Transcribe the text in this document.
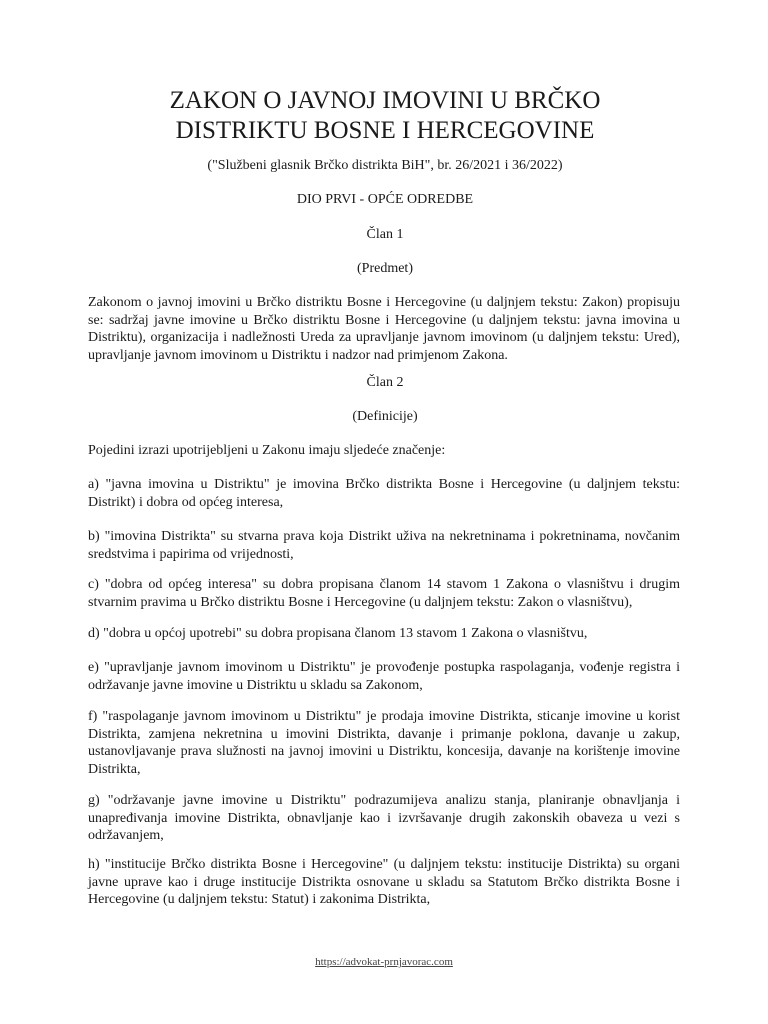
ZAKON O JAVNOJ IMOVINI U BRČKO
DISTRIKTU BOSNE I HERCEGOVINE
("Službeni glasnik Brčko distrikta BiH", br. 26/2021 i 36/2022)
DIO PRVI - OPĆE ODREDBE
Član 1
(Predmet)
Zakonom o javnoj imovini u Brčko distriktu Bosne i Hercegovine (u daljnjem tekstu: Zakon) propisuju se: sadržaj javne imovine u Brčko distriktu Bosne i Hercegovine (u daljnjem tekstu: javna imovina u Distriktu), organizacija i nadležnosti Ureda za upravljanje javnom imovinom (u daljnjem tekstu: Ured), upravljanje javnom imovinom u Distriktu i nadzor nad primjenom Zakona.
Član 2
(Definicije)
Pojedini izrazi upotrijebljeni u Zakonu imaju sljedeće značenje:
a) "javna imovina u Distriktu" je imovina Brčko distrikta Bosne i Hercegovine (u daljnjem tekstu: Distrikt) i dobra od općeg interesa,
b) "imovina Distrikta" su stvarna prava koja Distrikt uživa na nekretninama i pokretninama, novčanim sredstvima i papirima od vrijednosti,
c) "dobra od općeg interesa" su dobra propisana članom 14 stavom 1 Zakona o vlasništvu i drugim stvarnim pravima u Brčko distriktu Bosne i Hercegovine (u daljnjem tekstu: Zakon o vlasništvu),
d) "dobra u općoj upotrebi" su dobra propisana članom 13 stavom 1 Zakona o vlasništvu,
e) "upravljanje javnom imovinom u Distriktu" je provođenje postupka raspolaganja, vođenje registra i održavanje javne imovine u Distriktu u skladu sa Zakonom,
f) "raspolaganje javnom imovinom u Distriktu" je prodaja imovine Distrikta, sticanje imovine u korist Distrikta, zamjena nekretnina u imovini Distrikta, davanje i primanje poklona, davanje u zakup, ustanovljavanje prava služnosti na javnoj imovini u Distriktu, koncesija, davanje na korištenje imovine Distrikta,
g) "održavanje javne imovine u Distriktu" podrazumijeva analizu stanja, planiranje obnavljanja i unapređivanja imovine Distrikta, obnavljanje kao i izvršavanje drugih zakonskih obaveza u vezi s održavanjem,
h) "institucije Brčko distrikta Bosne i Hercegovine" (u daljnjem tekstu: institucije Distrikta) su organi javne uprave kao i druge institucije Distrikta osnovane u skladu sa Statutom Brčko distrikta Bosne i Hercegovine (u daljnjem tekstu: Statut) i zakonima Distrikta,
https://advokat-prnjavorac.com
